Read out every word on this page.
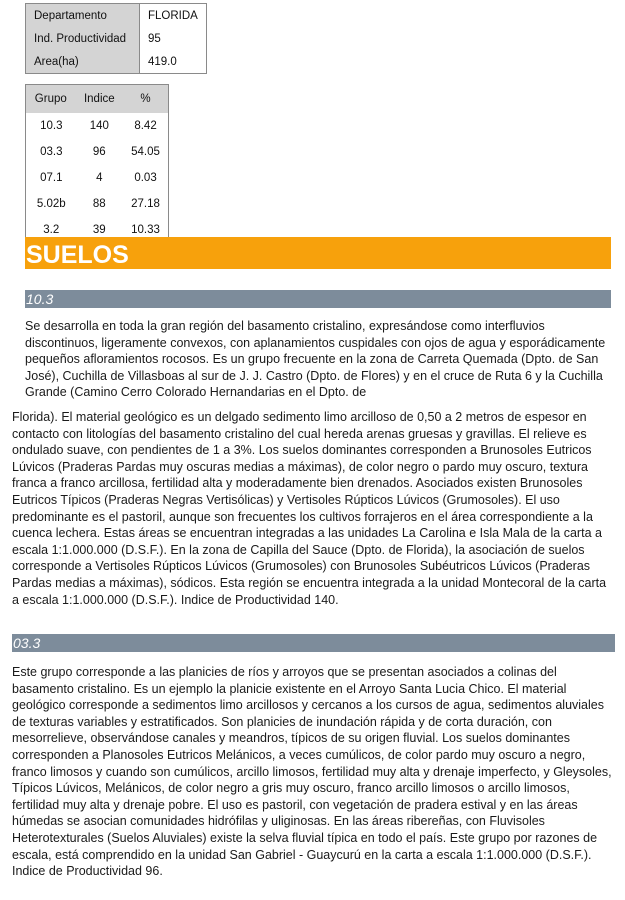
Departamento	FLORIDA
Ind. Productividad	95
Area(ha)	419.0
Grupo	Indice	%
10.3	140	8.42
03.3	96	54.05
07.1	4	0.03
5.02b	88	27.18
3.2	39	10.33
SUELOS
10.3

Se desarrolla en toda la gran región del basamento cristalino, expresándose como interfluvios discontinuos, ligeramente convexos, con aplanamientos cuspidales con ojos de agua y esporádicamente pequeños afloramientos rocosos. Es un grupo frecuente en la zona de Carreta Quemada (Dpto. de San José), Cuchilla de Villasboas al sur de J. J. Castro (Dpto. de Flores) y en el cruce de Ruta 6 y la Cuchilla Grande (Camino Cerro Colorado Hernandarias en el Dpto. de

Florida). El material geológico es un delgado sedimento limo arcilloso de 0,50 a 2 metros de espesor en contacto con litologías del basamento cristalino del cual hereda arenas gruesas y gravillas. El relieve es ondulado suave, con pendientes de 1 a 3%. Los suelos dominantes corresponden a Brunosoles Eutricos Lúvicos (Praderas Pardas muy oscuras medias a máximas), de color negro o pardo muy oscuro, textura franca a franco arcillosa, fertilidad alta y moderadamente bien drenados. Asociados existen Brunosoles Eutricos Típicos (Praderas Negras Vertisólicas) y Vertisoles Rúpticos Lúvicos (Grumosoles). El uso predominante es el pastoril, aunque son frecuentes los cultivos forrajeros en el área correspondiente a la cuenca lechera. Estas áreas se encuentran integradas a las unidades La Carolina e Isla Mala de la carta a escala 1:1.000.000 (D.S.F.). En la zona de Capilla del Sauce (Dpto. de Florida), la asociación de suelos corresponde a Vertisoles Rúpticos Lúvicos (Grumosoles) con Brunosoles Subéutricos Lúvicos (Praderas Pardas medias a máximas), sódicos. Esta región se encuentra integrada a la unidad Montecoral de la carta a escala 1:1.000.000 (D.S.F.). Indice de Productividad 140.

03.3

Este grupo corresponde a las planicies de ríos y arroyos que se presentan asociados a colinas del basamento cristalino. Es un ejemplo la planicie existente en el Arroyo Santa Lucia Chico. El material geológico corresponde a sedimentos limo arcillosos y cercanos a los cursos de agua, sedimentos aluviales de texturas variables y estratificados. Son planicies de inundación rápida y de corta duración, con mesorrelieve, observándose canales y meandros, típicos de su origen fluvial. Los suelos dominantes corresponden a Planosoles Eutricos Melánicos, a veces cumúlicos, de color pardo muy oscuro a negro, franco limosos y cuando son cumúlicos, arcillo limosos, fertilidad muy alta y drenaje imperfecto, y Gleysoles, Típicos Lúvicos, Melánicos, de color negro a gris muy oscuro, franco arcillo limosos o arcillo limosos, fertilidad muy alta y drenaje pobre. El uso es pastoril, con vegetación de pradera estival y en las áreas húmedas se asocian comunidades hidrófilas y uliginosas. En las áreas ribereñas, con Fluvisoles Heterotexturales (Suelos Aluviales) existe la selva fluvial típica en todo el país. Este grupo por razones de escala, está comprendido en la unidad San Gabriel - Guaycurú en la carta a escala 1:1.000.000 (D.S.F.). Indice de Productividad 96.
